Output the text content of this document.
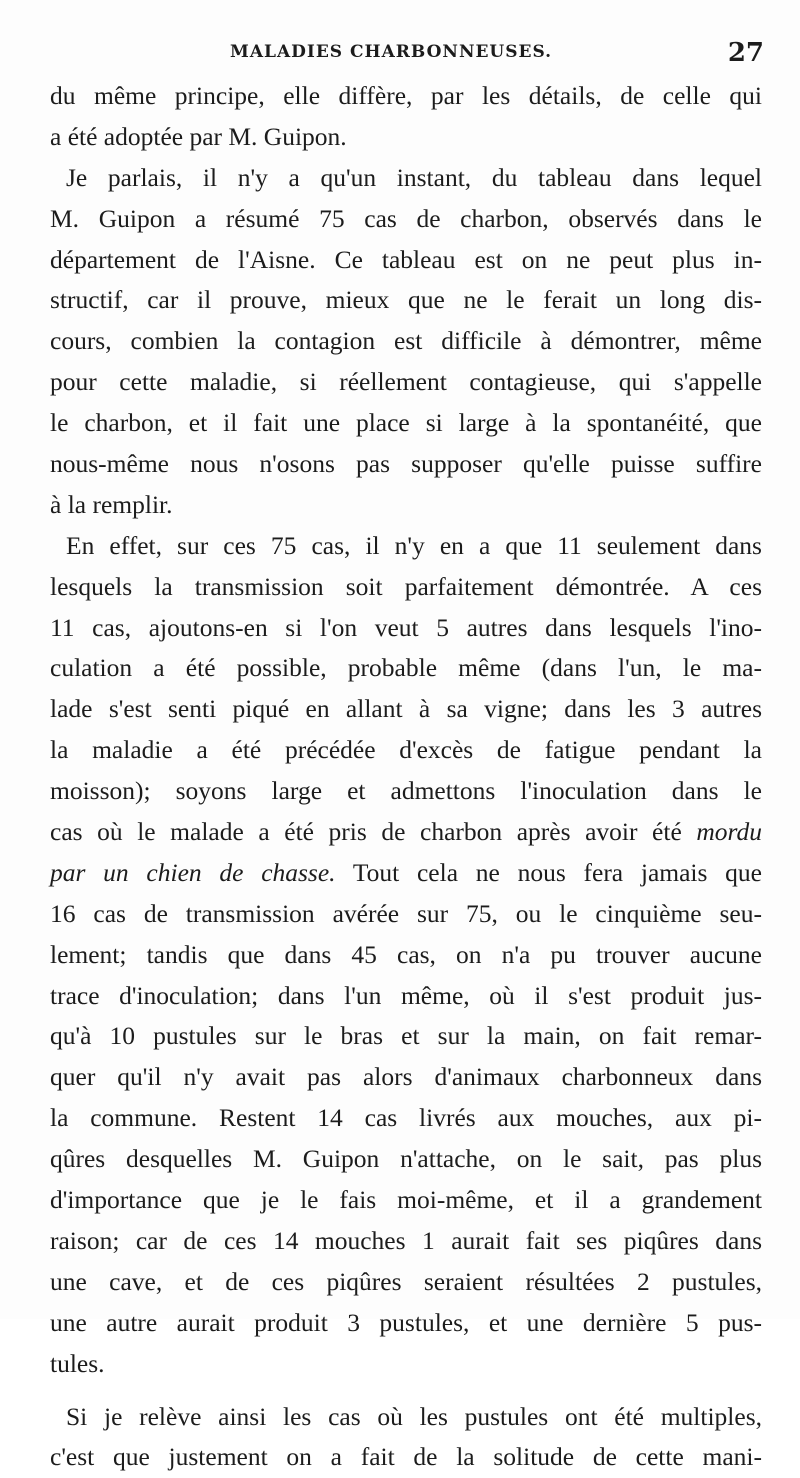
MALADIES CHARBONNEUSES.	27
du même principe, elle diffère, par les détails, de celle qui
a été adoptée par M. Guipon.
Je parlais, il n'y a qu'un instant, du tableau dans lequel
M. Guipon a résumé 75 cas de charbon, observés dans le
département de l'Aisne. Ce tableau est on ne peut plus in-
structif, car il prouve, mieux que ne le ferait un long dis-
cours, combien la contagion est difficile à démontrer, même
pour cette maladie, si réellement contagieuse, qui s'appelle
le charbon, et il fait une place si large à la spontanéité, que
nous-même nous n'osons pas supposer qu'elle puisse suffire
à la remplir.
En effet, sur ces 75 cas, il n'y en a que 11 seulement dans
lesquels la transmission soit parfaitement démontrée. A ces
11 cas, ajoutons-en si l'on veut 5 autres dans lesquels l'ino-
culation a été possible, probable même (dans l'un, le ma-
lade s'est senti piqué en allant à sa vigne; dans les 3 autres
la maladie a été précédée d'excès de fatigue pendant la
moisson); soyons large et admettons l'inoculation dans le
cas où le malade a été pris de charbon après avoir été mordu
par un chien de chasse. Tout cela ne nous fera jamais que
16 cas de transmission avérée sur 75, ou le cinquième seu-
lement; tandis que dans 45 cas, on n'a pu trouver aucune
trace d'inoculation; dans l'un même, où il s'est produit jus-
qu'à 10 pustules sur le bras et sur la main, on fait remar-
quer qu'il n'y avait pas alors d'animaux charbonneux dans
la commune. Restent 14 cas livrés aux mouches, aux pi-
qûres desquelles M. Guipon n'attache, on le sait, pas plus
d'importance que je le fais moi-même, et il a grandement
raison; car de ces 14 mouches 1 aurait fait ses piqûres dans
une cave, et de ces piqûres seraient résultées 2 pustules,
une autre aurait produit 3 pustules, et une dernière 5 pus-
tules.
Si je relève ainsi les cas où les pustules ont été multiples,
c'est que justement on a fait de la solitude de cette mani-
